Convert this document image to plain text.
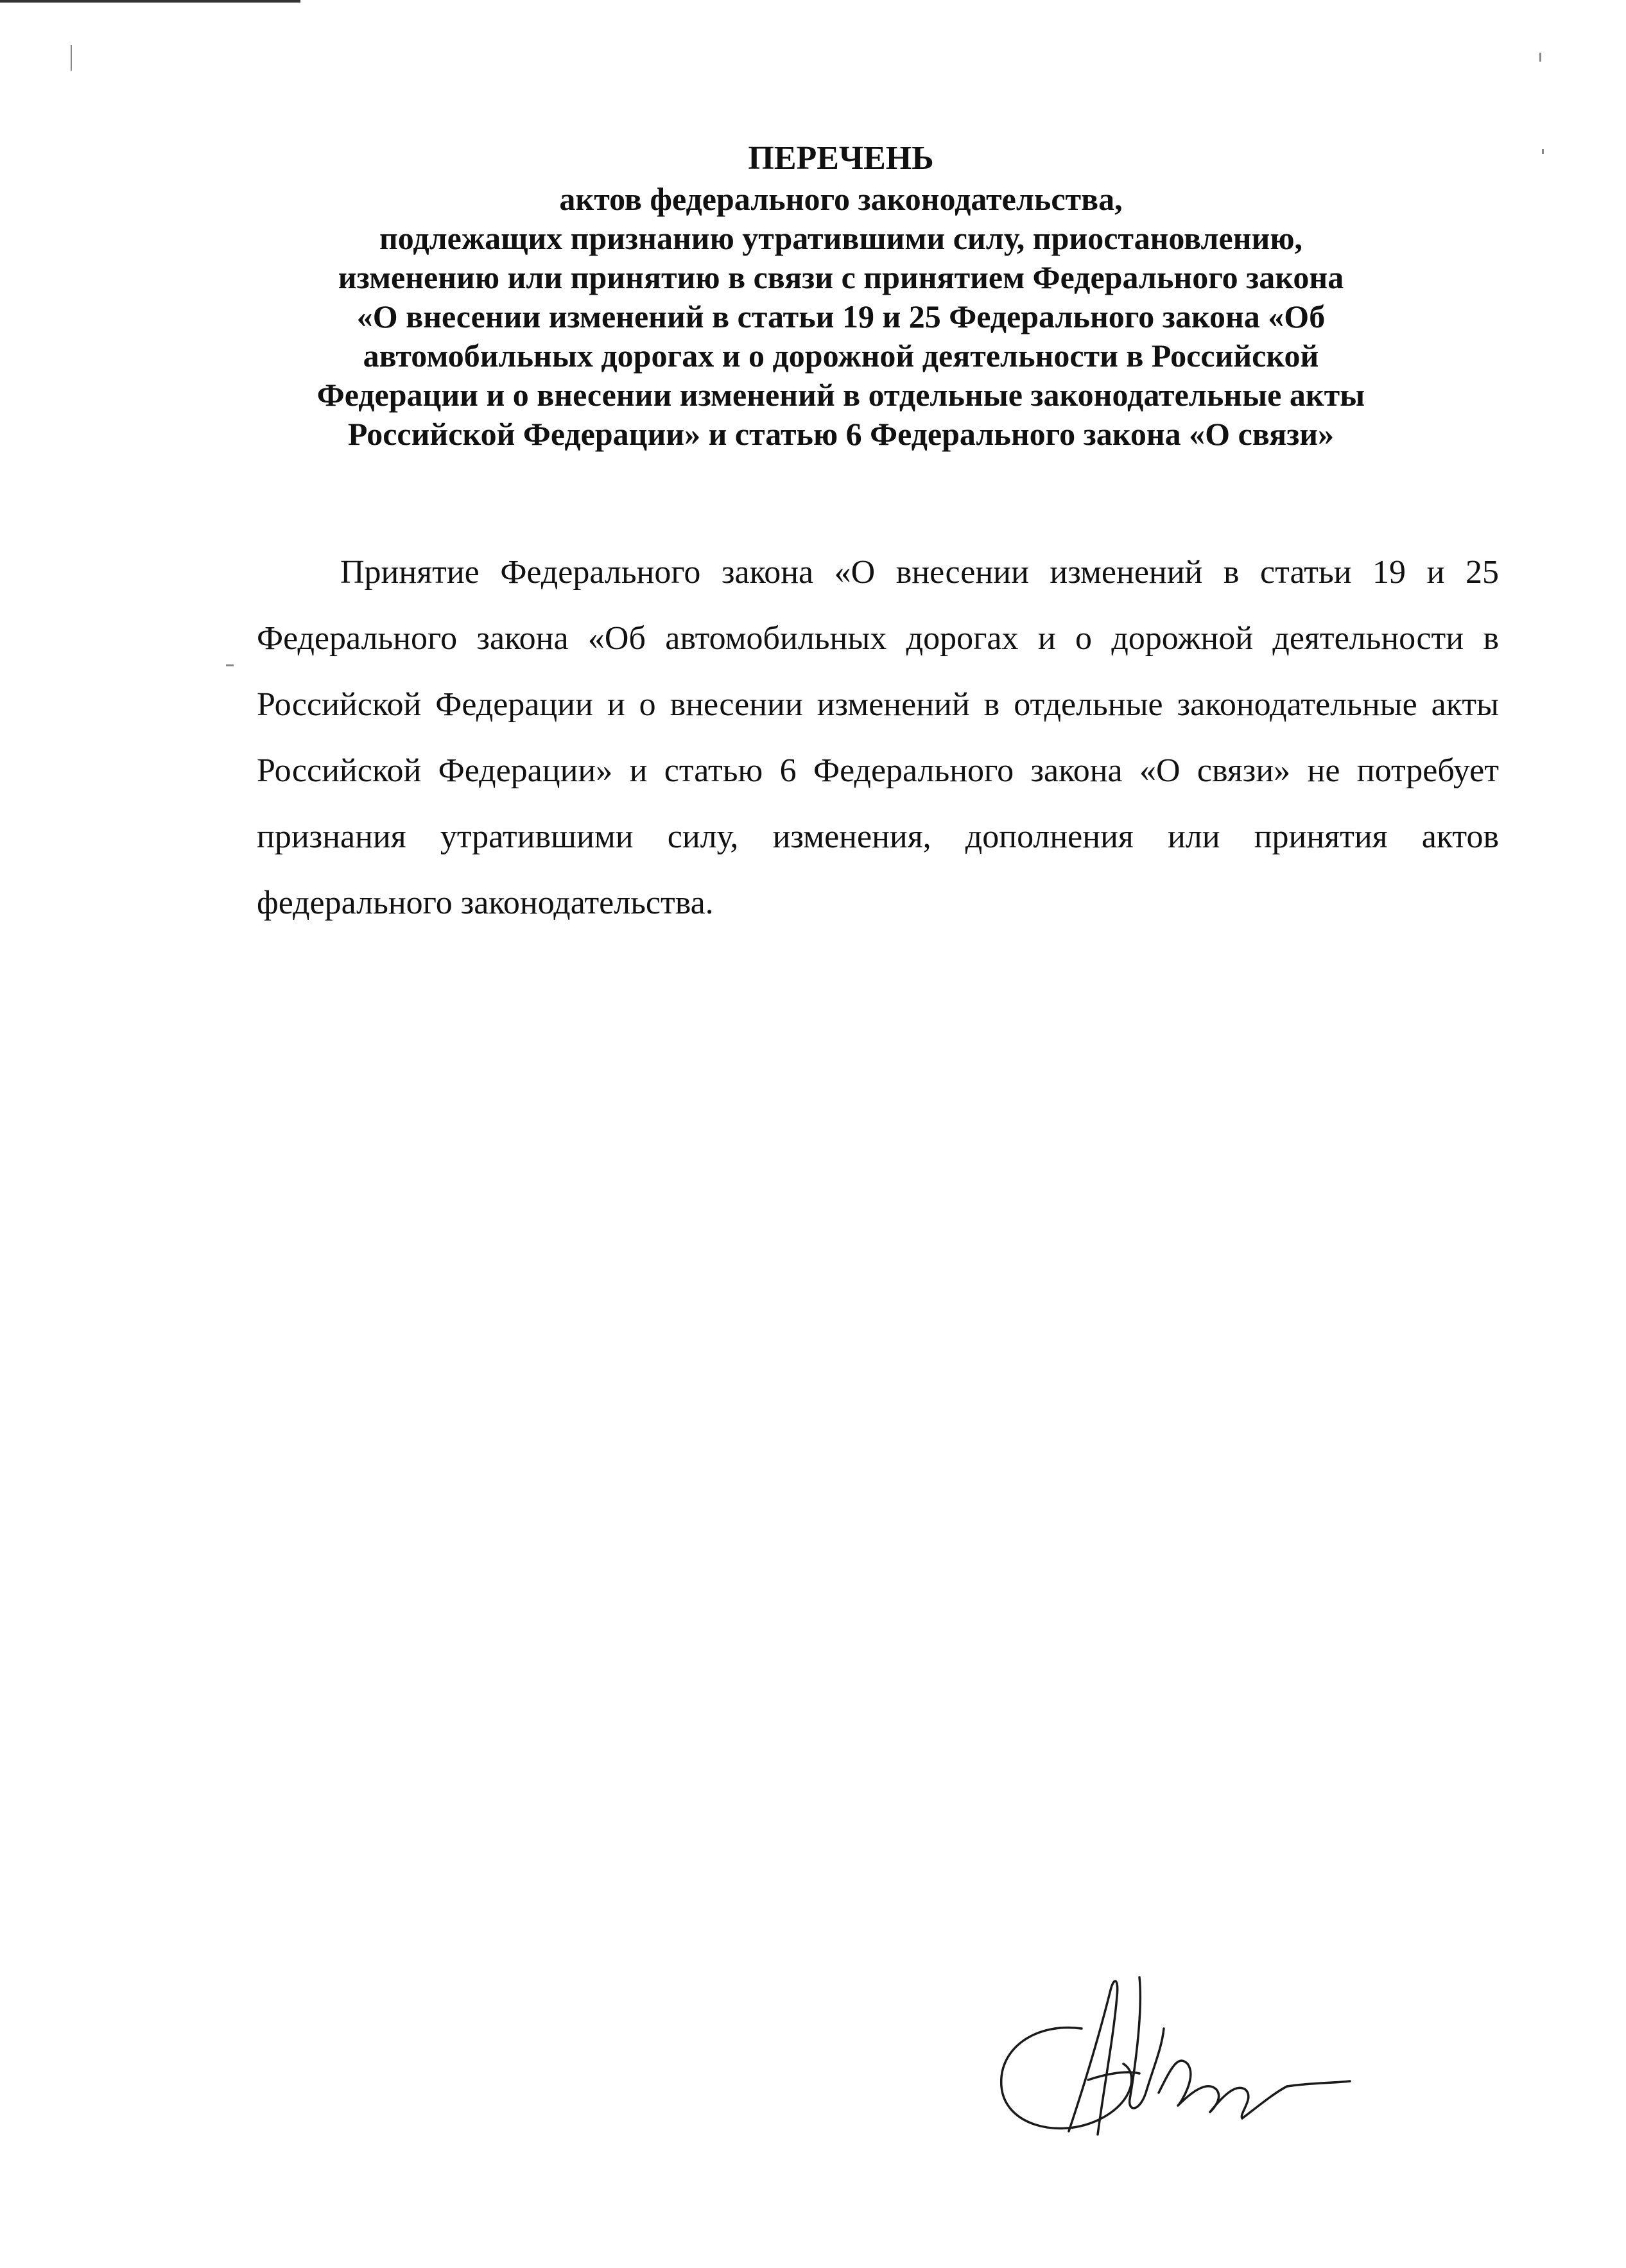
ПЕРЕЧЕНЬ
актов федерального законодательства,
подлежащих признанию утратившими силу, приостановлению,
изменению или принятию в связи с принятием Федерального закона
«О внесении изменений в статьи 19 и 25 Федерального закона «Об
автомобильных дорогах и о дорожной деятельности в Российской
Федерации и о внесении изменений в отдельные законодательные акты
Российской Федерации» и статью 6 Федерального закона «О связи»

Принятие Федерального закона «О внесении изменений в статьи 19 и 25 Федерального закона «Об автомобильных дорогах и о дорожной деятельности в Российской Федерации и о внесении изменений в отдельные законодательные акты Российской Федерации» и статью 6 Федерального закона «О связи» не потребует признания утратившими силу, изменения, дополнения или принятия актов федерального законодательства.
